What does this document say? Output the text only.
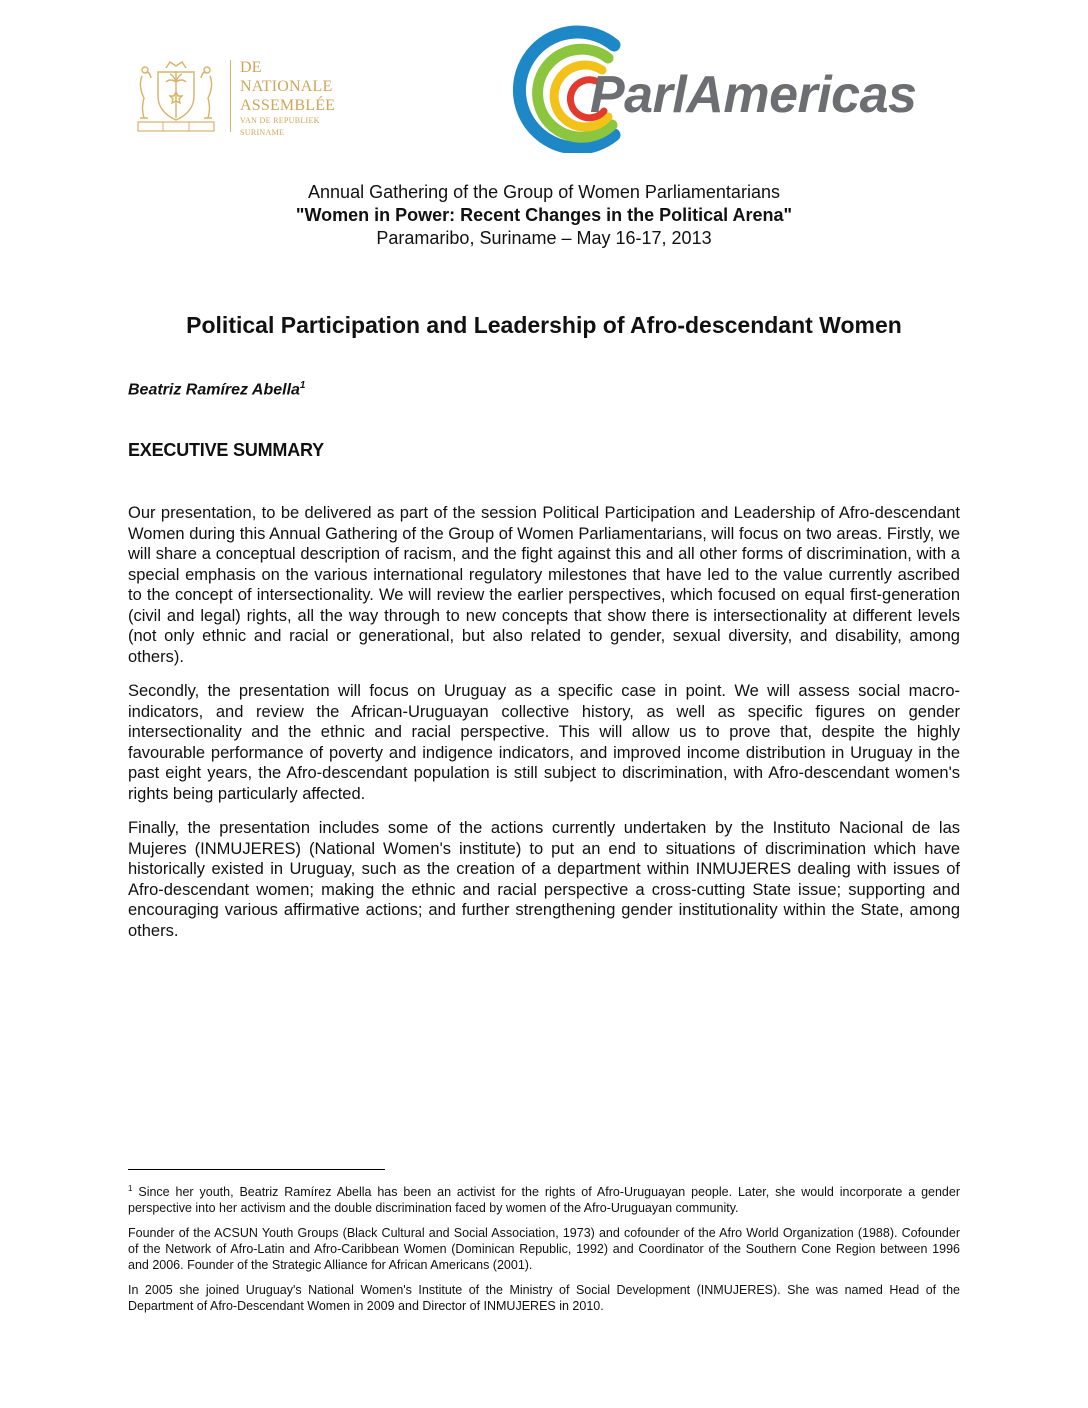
DE
NATIONALE
ASSEMBLÉE
VAN DE REPUBLIEK SURINAME
ParlAmericas
Annual Gathering of the Group of Women Parliamentarians
"Women in Power: Recent Changes in the Political Arena"
Paramaribo, Suriname – May 16-17, 2013
Political Participation and Leadership of Afro-descendant Women
Beatriz Ramírez Abella$^1$
EXECUTIVE SUMMARY

Our presentation, to be delivered as part of the session Political Participation and Leadership of Afro-descendant Women during this Annual Gathering of the Group of Women Parliamentarians, will focus on two areas. Firstly, we will share a conceptual description of racism, and the fight against this and all other forms of discrimination, with a special emphasis on the various international regulatory milestones that have led to the value currently ascribed to the concept of intersectionality. We will review the earlier perspectives, which focused on equal first-generation (civil and legal) rights, all the way through to new concepts that show there is intersectionality at different levels (not only ethnic and racial or generational, but also related to gender, sexual diversity, and disability, among others).

Secondly, the presentation will focus on Uruguay as a specific case in point. We will assess social macro-indicators, and review the African-Uruguayan collective history, as well as specific figures on gender intersectionality and the ethnic and racial perspective. This will allow us to prove that, despite the highly favourable performance of poverty and indigence indicators, and improved income distribution in Uruguay in the past eight years, the Afro-descendant population is still subject to discrimination, with Afro-descendant women's rights being particularly affected.

Finally, the presentation includes some of the actions currently undertaken by the Instituto Nacional de las Mujeres (INMUJERES) (National Women's institute) to put an end to situations of discrimination which have historically existed in Uruguay, such as the creation of a department within INMUJERES dealing with issues of Afro-descendant women; making the ethnic and racial perspective a cross-cutting State issue; supporting and encouraging various affirmative actions; and further strengthening gender institutionality within the State, among others.

$^1$ Since her youth, Beatriz Ramírez Abella has been an activist for the rights of Afro-Uruguayan people. Later, she would incorporate a gender perspective into her activism and the double discrimination faced by women of the Afro-Uruguayan community.

Founder of the ACSUN Youth Groups (Black Cultural and Social Association, 1973) and cofounder of the Afro World Organization (1988). Cofounder of the Network of Afro-Latin and Afro-Caribbean Women (Dominican Republic, 1992) and Coordinator of the Southern Cone Region between 1996 and 2006. Founder of the Strategic Alliance for African Americans (2001).

In 2005 she joined Uruguay's National Women's Institute of the Ministry of Social Development (INMUJERES). She was named Head of the Department of Afro-Descendant Women in 2009 and Director of INMUJERES in 2010.
